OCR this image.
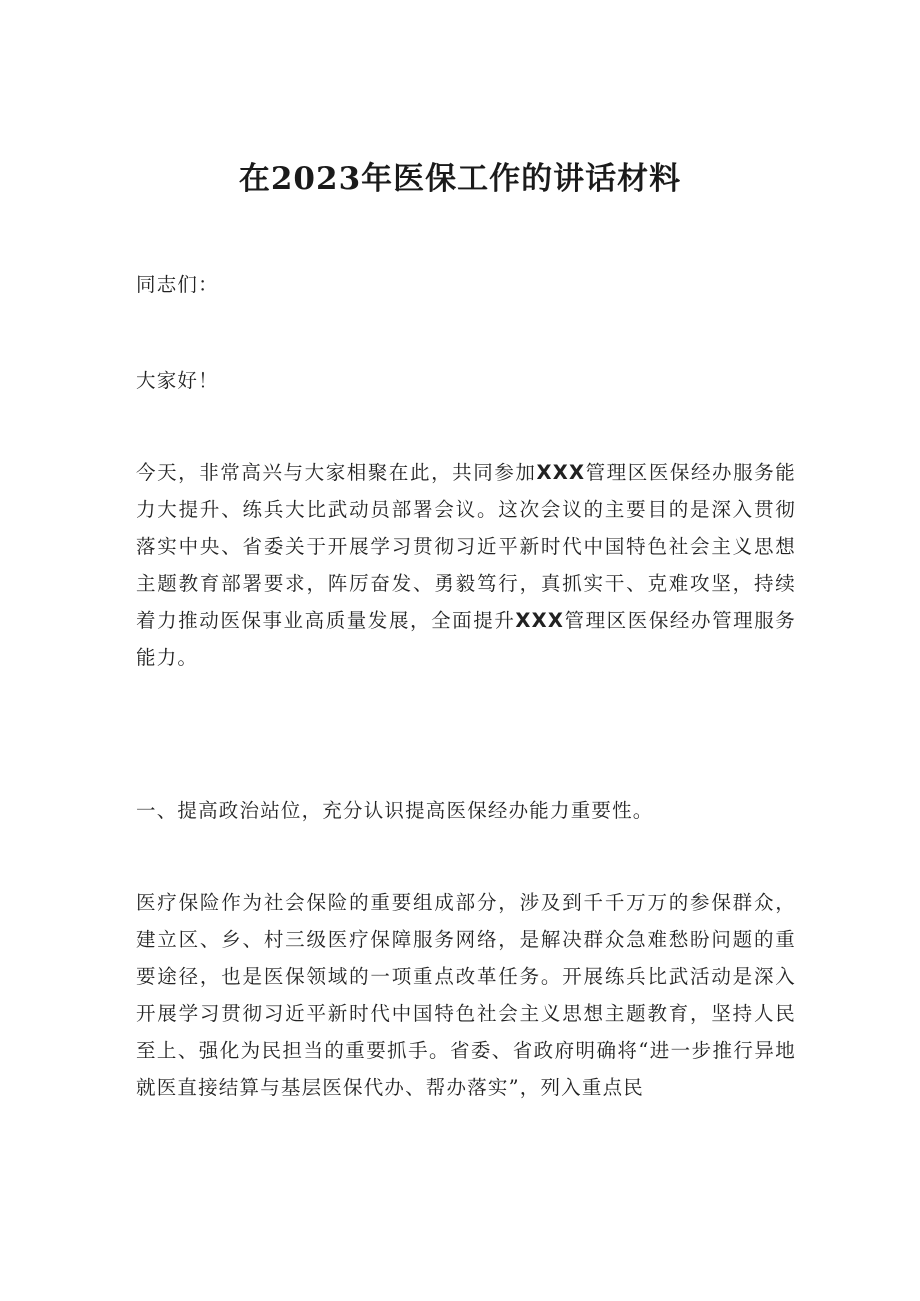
在2023年医保工作的讲话材料
同志们：
大家好！
今天，非常高兴与大家相聚在此，共同参加XXX管理区医保经办服务能力大提升、练兵大比武动员部署会议。这次会议的主要目的是深入贯彻落实中央、省委关于开展学习贯彻习近平新时代中国特色社会主义思想主题教育部署要求，阵厉奋发、勇毅笃行，真抓实干、克难攻坚，持续着力推动医保事业高质量发展，全面提升XXX管理区医保经办管理服务能力。
一、提高政治站位，充分认识提高医保经办能力重要性。
医疗保险作为社会保险的重要组成部分，涉及到千千万万的参保群众，建立区、乡、村三级医疗保障服务网络，是解决群众急难愁盼问题的重要途径，也是医保领域的一项重点改革任务。开展练兵比武活动是深入开展学习贯彻习近平新时代中国特色社会主义思想主题教育，坚持人民至上、强化为民担当的重要抓手。省委、省政府明确将“进一步推行异地就医直接结算与基层医保代办、帮办落实”，列入重点民
